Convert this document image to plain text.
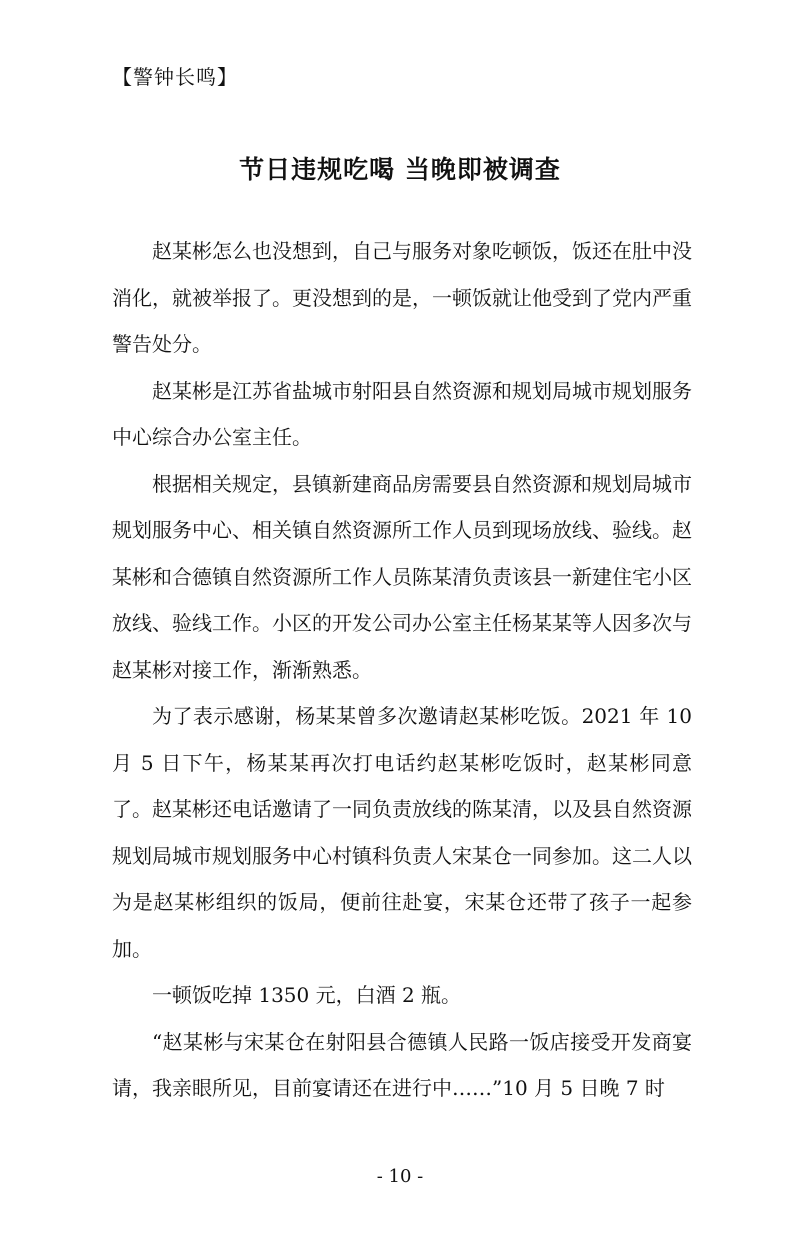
【警钟长鸣】
节日违规吃喝 当晚即被调查

赵某彬怎么也没想到，自己与服务对象吃顿饭，饭还在肚中没消化，就被举报了。更没想到的是，一顿饭就让他受到了党内严重警告处分。

赵某彬是江苏省盐城市射阳县自然资源和规划局城市规划服务中心综合办公室主任。

根据相关规定，县镇新建商品房需要县自然资源和规划局城市规划服务中心、相关镇自然资源所工作人员到现场放线、验线。赵某彬和合德镇自然资源所工作人员陈某清负责该县一新建住宅小区放线、验线工作。小区的开发公司办公室主任杨某某等人因多次与赵某彬对接工作，渐渐熟悉。

为了表示感谢，杨某某曾多次邀请赵某彬吃饭。2021 年 10 月 5 日下午，杨某某再次打电话约赵某彬吃饭时，赵某彬同意了。赵某彬还电话邀请了一同负责放线的陈某清，以及县自然资源规划局城市规划服务中心村镇科负责人宋某仓一同参加。这二人以为是赵某彬组织的饭局，便前往赴宴，宋某仓还带了孩子一起参加。

一顿饭吃掉 1350 元，白酒 2 瓶。

“赵某彬与宋某仓在射阳县合德镇人民路一饭店接受开发商宴请，我亲眼所见，目前宴请还在进行中……”10 月 5 日晚 7 时

- 10 -
